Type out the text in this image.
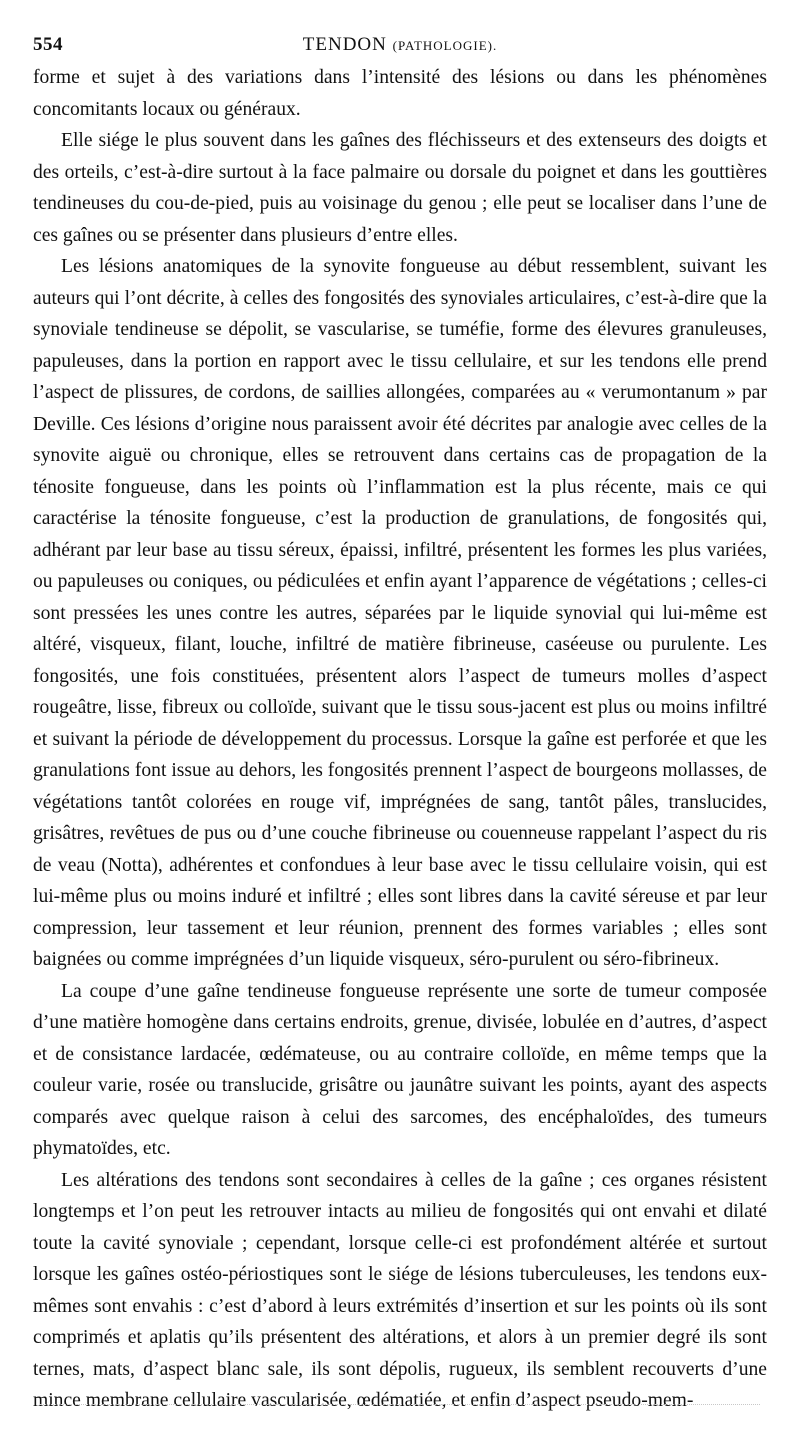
554	TENDON (PATHOLOGIE).

forme et sujet à des variations dans l’intensité des lésions ou dans les phénomènes concomitants locaux ou généraux.

Elle siége le plus souvent dans les gaînes des fléchisseurs et des extenseurs des doigts et des orteils, c’est-à-dire surtout à la face palmaire ou dorsale du poignet et dans les gouttières tendineuses du cou-de-pied, puis au voisinage du genou ; elle peut se localiser dans l’une de ces gaînes ou se présenter dans plusieurs d’entre elles.

Les lésions anatomiques de la synovite fongueuse au début ressemblent, suivant les auteurs qui l’ont décrite, à celles des fongosités des synoviales articulaires, c’est-à-dire que la synoviale tendineuse se dépolit, se vascularise, se tuméfie, forme des élevures granuleuses, papuleuses, dans la portion en rapport avec le tissu cellulaire, et sur les tendons elle prend l’aspect de plissures, de cordons, de saillies allongées, comparées au « verumontanum » par Deville. Ces lésions d’origine nous paraissent avoir été décrites par analogie avec celles de la synovite aiguë ou chronique, elles se retrouvent dans certains cas de propagation de la ténosite fongueuse, dans les points où l’inflammation est la plus récente, mais ce qui caractérise la ténosite fongueuse, c’est la production de granulations, de fongosités qui, adhérant par leur base au tissu séreux, épaissi, infiltré, présentent les formes les plus variées, ou papuleuses ou coniques, ou pédiculées et enfin ayant l’apparence de végétations ; celles-ci sont pressées les unes contre les autres, séparées par le liquide synovial qui lui-même est altéré, visqueux, filant, louche, infiltré de matière fibrineuse, caséeuse ou purulente. Les fongosités, une fois constituées, présentent alors l’aspect de tumeurs molles d’aspect rougeâtre, lisse, fibreux ou colloïde, suivant que le tissu sous-jacent est plus ou moins infiltré et suivant la période de développement du processus. Lorsque la gaîne est perforée et que les granulations font issue au dehors, les fongosités prennent l’aspect de bourgeons mollasses, de végétations tantôt colorées en rouge vif, imprégnées de sang, tantôt pâles, translucides, grisâtres, revêtues de pus ou d’une couche fibrineuse ou couenneuse rappelant l’aspect du ris de veau (Notta), adhérentes et confondues à leur base avec le tissu cellulaire voisin, qui est lui-même plus ou moins induré et infiltré ; elles sont libres dans la cavité séreuse et par leur compression, leur tassement et leur réunion, prennent des formes variables ; elles sont baignées ou comme imprégnées d’un liquide visqueux, séro-purulent ou séro-fibrineux.

La coupe d’une gaîne tendineuse fongueuse représente une sorte de tumeur composée d’une matière homogène dans certains endroits, grenue, divisée, lobulée en d’autres, d’aspect et de consistance lardacée, œdémateuse, ou au contraire colloïde, en même temps que la couleur varie, rosée ou translucide, grisâtre ou jaunâtre suivant les points, ayant des aspects comparés avec quelque raison à celui des sarcomes, des encéphaloïdes, des tumeurs phymatoïdes, etc.

Les altérations des tendons sont secondaires à celles de la gaîne ; ces organes résistent longtemps et l’on peut les retrouver intacts au milieu de fongosités qui ont envahi et dilaté toute la cavité synoviale ; cependant, lorsque celle-ci est profondément altérée et surtout lorsque les gaînes ostéo-périostiques sont le siége de lésions tuberculeuses, les tendons eux-mêmes sont envahis : c’est d’abord à leurs extrémités d’insertion et sur les points où ils sont comprimés et aplatis qu’ils présentent des altérations, et alors à un premier degré ils sont ternes, mats, d’aspect blanc sale, ils sont dépolis, rugueux, ils semblent recouverts d’une mince membrane cellulaire vascularisée, œdématiée, et enfin d’aspect pseudo-mem-
